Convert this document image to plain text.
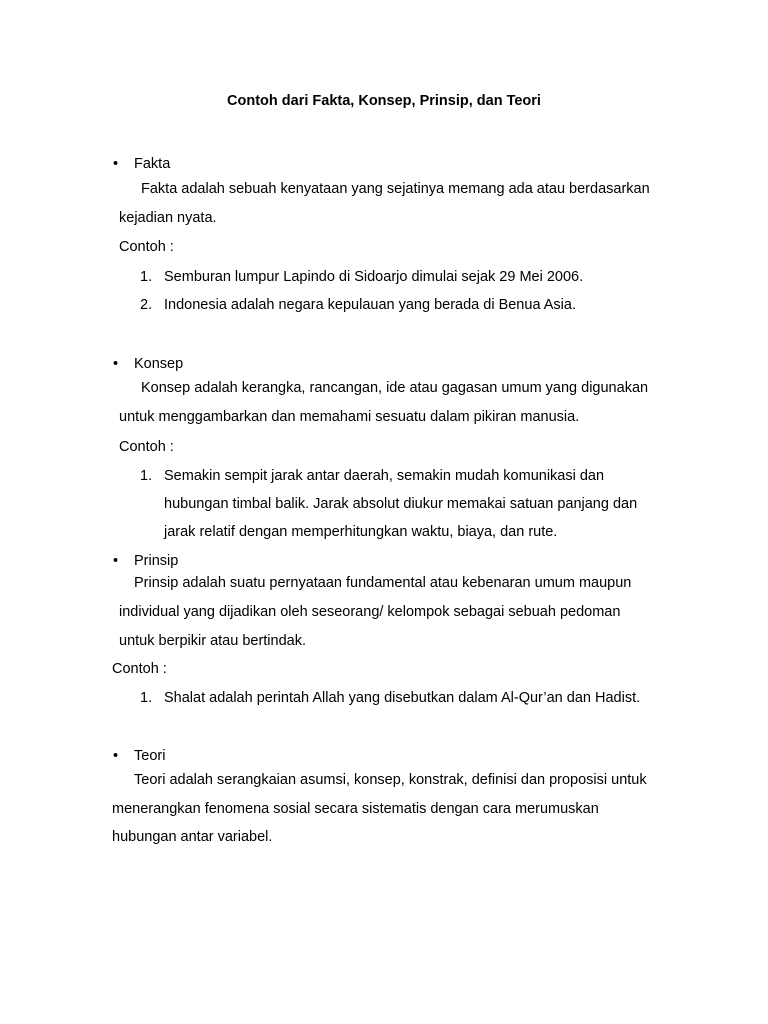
Contoh dari Fakta, Konsep, Prinsip, dan Teori
• Fakta
Fakta adalah sebuah kenyataan yang sejatinya memang ada atau berdasarkan
kejadian nyata.
Contoh :
1. Semburan lumpur Lapindo di Sidoarjo dimulai sejak 29 Mei 2006.
2. Indonesia adalah negara kepulauan yang berada di Benua Asia.
• Konsep
Konsep adalah kerangka, rancangan, ide atau gagasan umum yang digunakan
untuk menggambarkan dan memahami sesuatu dalam pikiran manusia.
Contoh :
1. Semakin sempit jarak antar daerah, semakin mudah komunikasi dan
hubungan timbal balik. Jarak absolut diukur memakai satuan panjang dan
jarak relatif dengan memperhitungkan waktu, biaya, dan rute.
• Prinsip
Prinsip adalah suatu pernyataan fundamental atau kebenaran umum maupun
individual yang dijadikan oleh seseorang/ kelompok sebagai sebuah pedoman
untuk berpikir atau bertindak.
Contoh :
1. Shalat adalah perintah Allah yang disebutkan dalam Al-Qur’an dan Hadist.
• Teori
Teori adalah serangkaian asumsi, konsep, konstrak, definisi dan proposisi untuk
menerangkan fenomena sosial secara sistematis dengan cara merumuskan
hubungan antar variabel.
